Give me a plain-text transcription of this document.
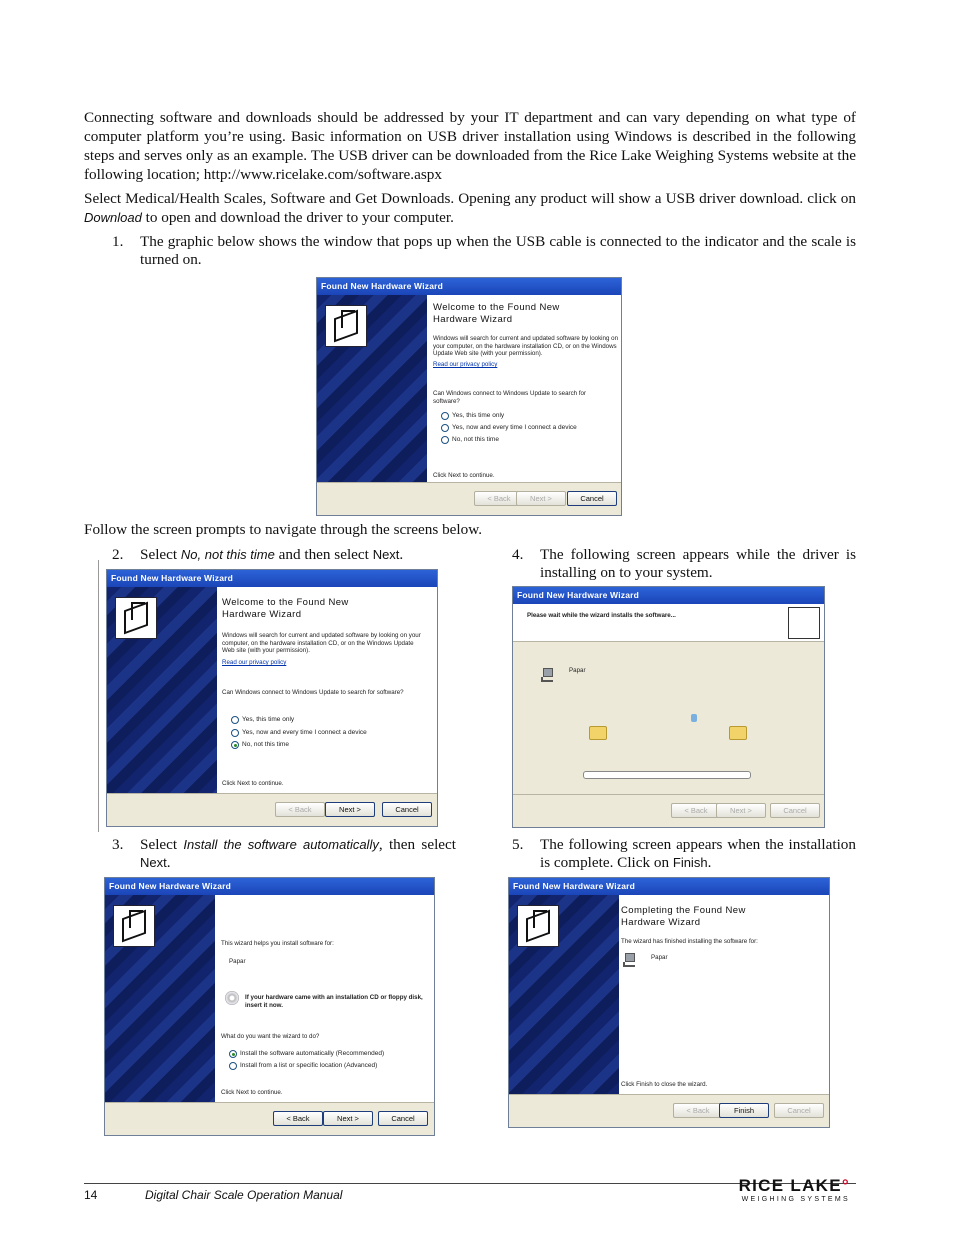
Connecting software and downloads should be addressed by your IT department and can vary depending on what type of computer platform you’re using. Basic information on USB driver installation using Windows is described in the following steps and serves only as an example. The USB driver can be downloaded from the Rice Lake Weighing Systems website at the following location; http://www.ricelake.com/software.aspx

Select Medical/Health Scales, Software and Get Downloads. Opening any product will show a USB driver download. click on Download to open and download the driver to your computer.

1. The graphic below shows the window that pops up when the USB cable is connected to the indicator and the scale is turned on.
Found New Hardware Wizard
Welcome to the Found New Hardware Wizard
Windows will search for current and updated software by looking on your computer, on the hardware installation CD, or on the Windows Update Web site (with your permission).
Read our privacy policy
Can Windows connect to Windows Update to search for software?
Yes, this time only
Yes, now and every time I connect a device
No, not this time
Click Next to continue.
< Back	Next >	Cancel

Follow the screen prompts to navigate through the screens below.

2. Select No, not this time and then select Next.
Found New Hardware Wizard
Welcome to the Found New Hardware Wizard
Windows will search for current and updated software by looking on your computer, on the hardware installation CD, or on the Windows Update Web site (with your permission).
Read our privacy policy
Can Windows connect to Windows Update to search for software?
Yes, this time only
Yes, now and every time I connect a device
No, not this time
Click Next to continue.
< Back	Next >	Cancel
4. The following screen appears while the driver is installing on to your system.
Found New Hardware Wizard
Please wait while the wizard installs the software...
Papar
< Back	Next >	Cancel
3. Select Install the software automatically, then select Next.
Found New Hardware Wizard
This wizard helps you install software for:
Papar
If your hardware came with an installation CD or floppy disk, insert it now.
What do you want the wizard to do?
Install the software automatically (Recommended)
Install from a list or specific location (Advanced)
Click Next to continue.
< Back	Next >	Cancel
5. The following screen appears when the installation is complete. Click on Finish.
Found New Hardware Wizard
Completing the Found New Hardware Wizard
The wizard has finished installing the software for:
Papar
Click Finish to close the wizard.
< Back	Finish	Cancel
14	Digital Chair Scale Operation Manual	RICE LAKE°
WEIGHING SYSTEMS
